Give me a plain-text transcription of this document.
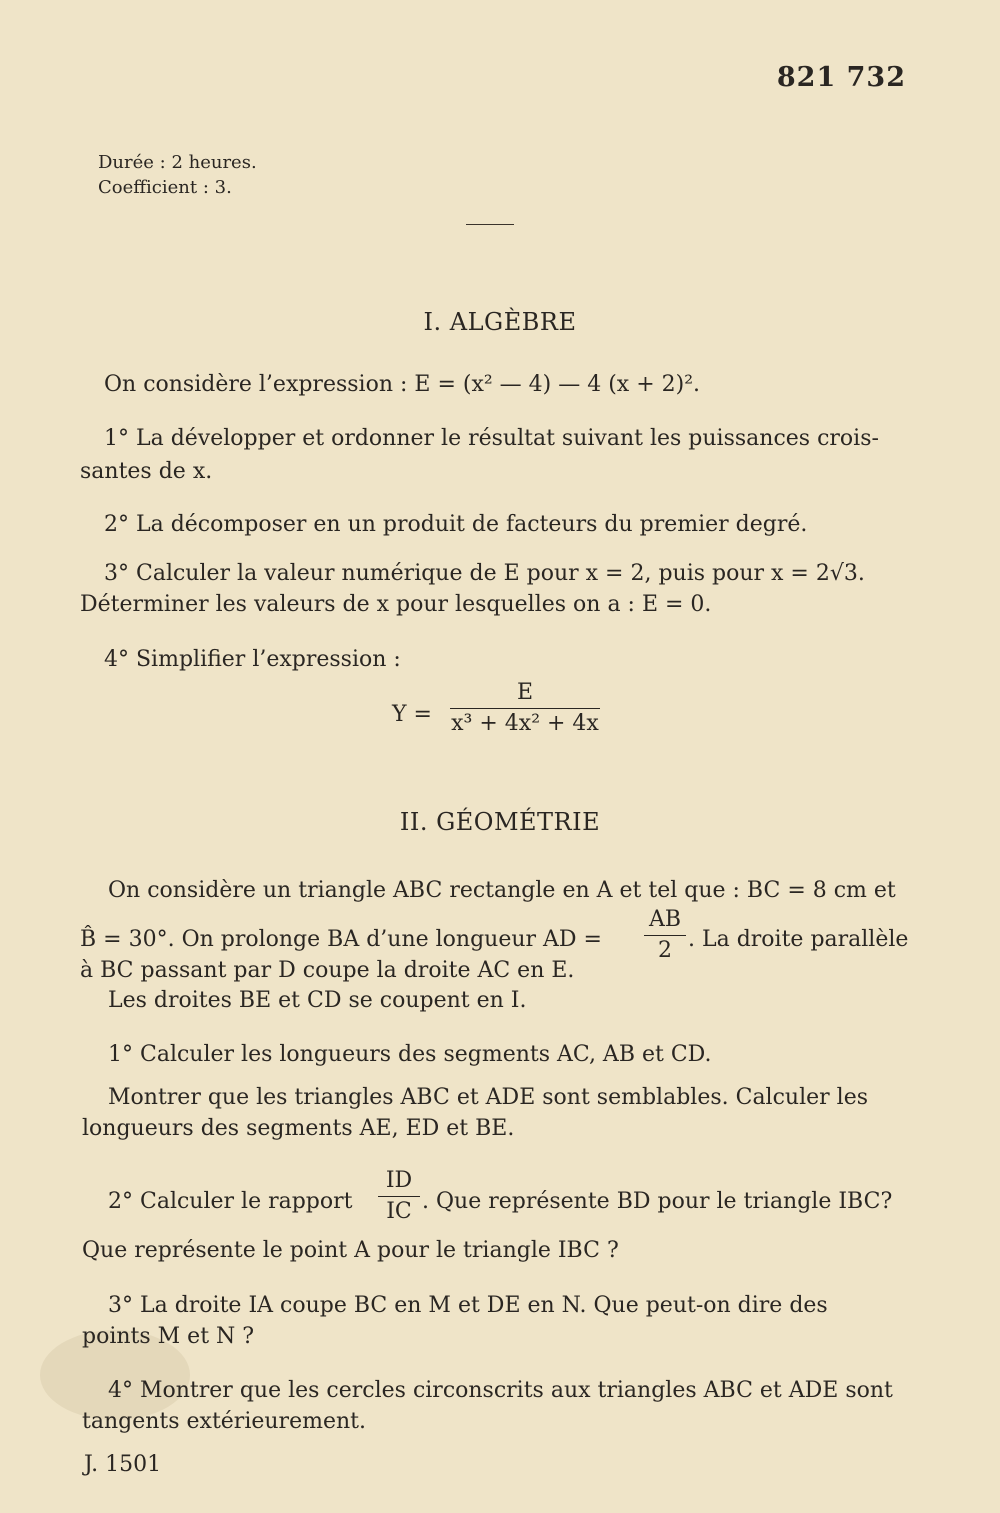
821 732
Durée : 2 heures.
Coefficient : 3.
I. ALGÈBRE
On considère l’expression : E = (x² — 4) — 4 (x + 2)².
1° La développer et ordonner le résultat suivant les puissances crois-
santes de x.
2° La décomposer en un produit de facteurs du premier degré.
3° Calculer la valeur numérique de E pour x = 2, puis pour x = 2√3.
Déterminer les valeurs de x pour lesquelles on a : E = 0.
4° Simplifier l’expression :
Y =
E
x³ + 4x² + 4x
II. GÉOMÉTRIE
On considère un triangle ABC rectangle en A et tel que : BC = 8 cm et
B̂ = 30°. On prolonge BA d’une longueur AD =
AB
2 . La droite parallèle
à BC passant par D coupe la droite AC en E.
Les droites BE et CD se coupent en I.
1° Calculer les longueurs des segments AC, AB et CD.
Montrer que les triangles ABC et ADE sont semblables. Calculer les
longueurs des segments AE, ED et BE.
2° Calculer le rapport
ID
IC . Que représente BD pour le triangle IBC?
Que représente le point A pour le triangle IBC ?
3° La droite IA coupe BC en M et DE en N. Que peut-on dire des
points M et N ?
4° Montrer que les cercles circonscrits aux triangles ABC et ADE sont
tangents extérieurement.
J. 1501
